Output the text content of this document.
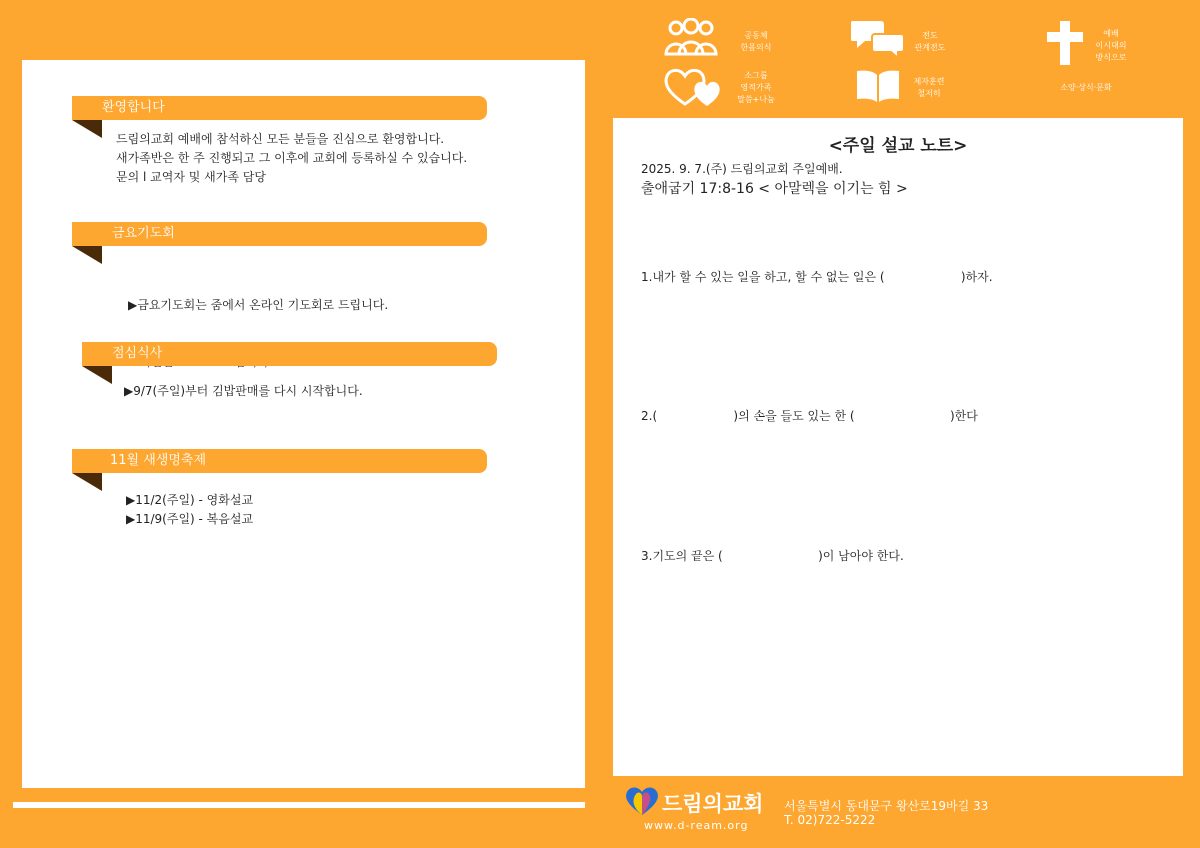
환영합니다
드림의교회 예배에 참석하신 모든 분들을 진심으로 환영합니다.
새가족반은 한 주 진행되고 그 이후에 교회에 등록하실 수 있습니다.
문의 l 교역자 및 새가족 담당
금요기도회

▶금요기도회는 줌에서 온라인 기도회로 드립니다.

점심식사
▶9/7(주일)부터 김밥판매를 다시 시작합니다.
11월 새생명축제
▶11/2(주일) - 영화설교
▶11/9(주일) - 복음설교
공동체
한몸의식
전도
관계전도
예배
이시대의
방식으로
소그룹
영적가족
말씀+나눔
제자훈련
철저히
소양·상식·문화
<주일 설교 노트>
2025. 9. 7.(주) 드림의교회 주일예배.
출애굽기 17:8-16 < 아말렉을 이기는 힘 >
1.내가 할 수 있는 일을 하고, 할 수 없는 일은 (                    )하자.
2.(                    )의 손을 들도 있는 한 (                         )한다
3.기도의 끝은 (                         )이 남아야 한다.
드림의교회
www.d-ream.org
서울특별시 동대문구 왕산로19바길 33
T. 02)722-5222
